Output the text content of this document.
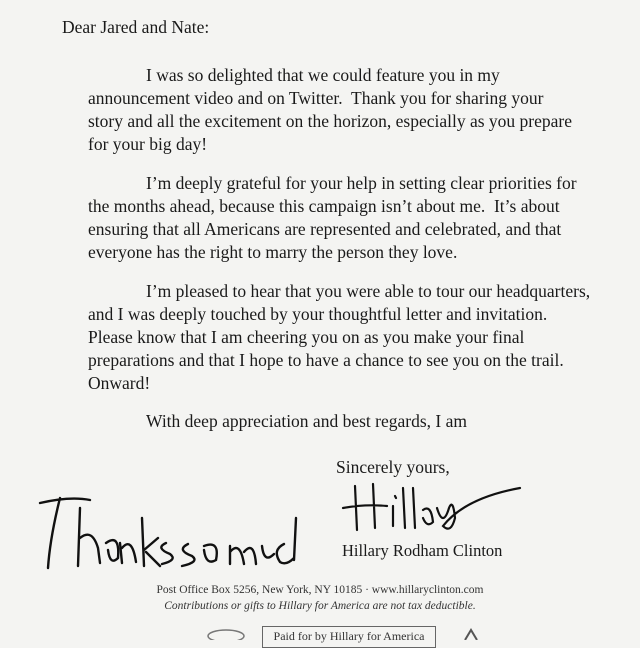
Dear Jared and Nate:
I was so delighted that we could feature you in my
announcement video and on Twitter.  Thank you for sharing your
story and all the excitement on the horizon, especially as you prepare
for your big day!
I’m deeply grateful for your help in setting clear priorities for
the months ahead, because this campaign isn’t about me.  It’s about
ensuring that all Americans are represented and celebrated, and that
everyone has the right to marry the person they love.
I’m pleased to hear that you were able to tour our headquarters,
and I was deeply touched by your thoughtful letter and invitation.
Please know that I am cheering you on as you make your final
preparations and that I hope to have a chance to see you on the trail.
Onward!
With deep appreciation and best regards, I am
Sincerely yours,
Hillary Rodham Clinton
Post Office Box 5256, New York, NY 10185 · www.hillaryclinton.com
Contributions or gifts to Hillary for America are not tax deductible.
Paid for by Hillary for America
